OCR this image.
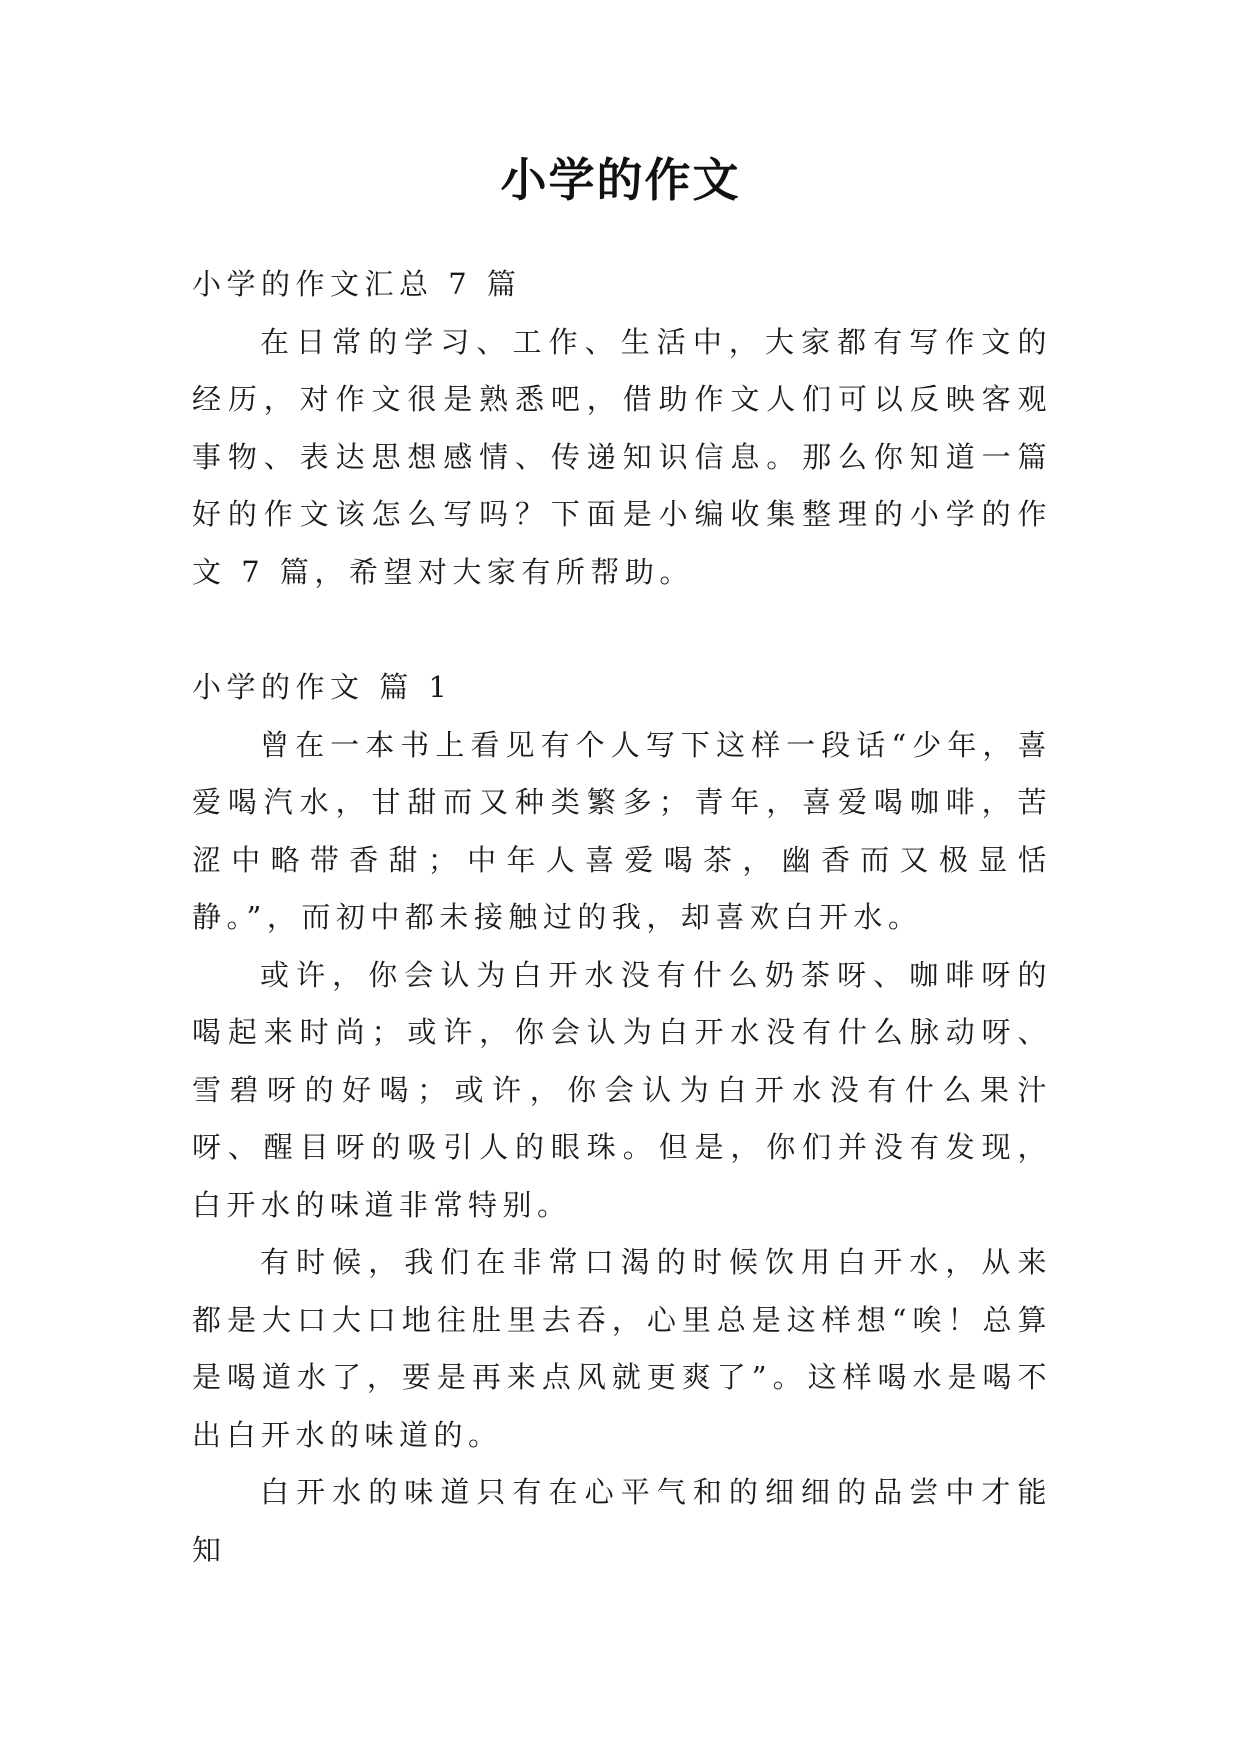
小学的作文

小学的作文汇总 7 篇

在日常的学习、工作、生活中，大家都有写作文的经历，对作文很是熟悉吧，借助作文人们可以反映客观事物、表达思想感情、传递知识信息。那么你知道一篇好的作文该怎么写吗？下面是小编收集整理的小学的作文 7 篇，希望对大家有所帮助。

小学的作文 篇 1

曾在一本书上看见有个人写下这样一段话“少年，喜爱喝汽水，甘甜而又种类繁多；青年，喜爱喝咖啡，苦涩中略带香甜；中年人喜爱喝茶，幽香而又极显恬静。”，而初中都未接触过的我，却喜欢白开水。

或许，你会认为白开水没有什么奶茶呀、咖啡呀的喝起来时尚；或许，你会认为白开水没有什么脉动呀、雪碧呀的好喝；或许，你会认为白开水没有什么果汁呀、醒目呀的吸引人的眼珠。但是，你们并没有发现，白开水的味道非常特别。

有时候，我们在非常口渴的时候饮用白开水，从来都是大口大口地往肚里去吞，心里总是这样想“唉！总算是喝道水了，要是再来点风就更爽了”。这样喝水是喝不出白开水的味道的。

白开水的味道只有在心平气和的细细的品尝中才能知
